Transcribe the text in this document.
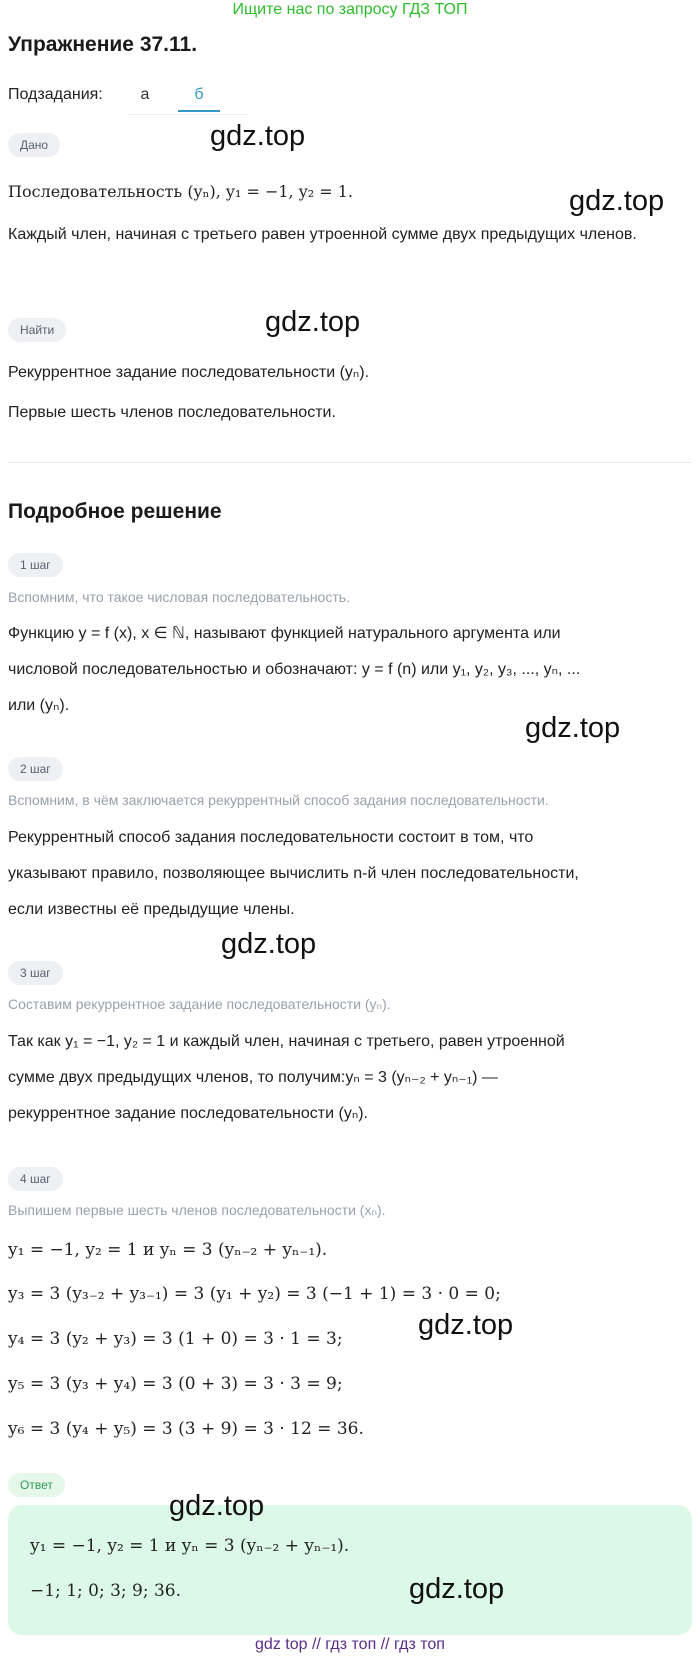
Ищите нас по запросу ГДЗ ТОП
Упражнение 37.11.
Подзадания: а	б
Дано
Последовательность (yₙ), y₁ = −1, y₂ = 1.
Каждый член, начиная с третьего равен утроенной сумме двух предыдущих членов.
Найти
Рекуррентное задание последовательности (yₙ).
Первые шесть членов последовательности.
Подробное решение
1 шаг
Вспомним, что такое числовая последовательность.
Функцию y = f (x), x ∈ ℕ, называют функцией натурального аргумента или
числовой последовательностью и обозначают: y = f (n) или y₁, y₂, y₃, ..., yₙ, ...
или (yₙ).
2 шаг
Вспомним, в чём заключается рекуррентный способ задания последовательности.
Рекуррентный способ задания последовательности состоит в том, что
указывают правило, позволяющее вычислить n-й член последовательности,
если известны её предыдущие члены.
3 шаг
Составим рекуррентное задание последовательности (yₙ).
Так как y₁ = −1, y₂ = 1 и каждый член, начиная с третьего, равен утроенной
сумме двух предыдущих членов, то получим:yₙ = 3 (yₙ₋₂ + yₙ₋₁) —
рекуррентное задание последовательности (yₙ).
4 шаг
Выпишем первые шесть членов последовательности (xₙ).
y₁ = −1, y₂ = 1 и yₙ = 3 (yₙ₋₂ + yₙ₋₁).
y₃ = 3 (y₃₋₂ + y₃₋₁) = 3 (y₁ + y₂) = 3 (−1 + 1) = 3 · 0 = 0;
y₄ = 3 (y₂ + y₃) = 3 (1 + 0) = 3 · 1 = 3;
y₅ = 3 (y₃ + y₄) = 3 (0 + 3) = 3 · 3 = 9;
y₆ = 3 (y₄ + y₅) = 3 (3 + 9) = 3 · 12 = 36.
Ответ
y₁ = −1, y₂ = 1 и yₙ = 3 (yₙ₋₂ + yₙ₋₁).
−1; 1; 0; 3; 9; 36.
gdz.top
gdz.top
gdz.top
gdz.top
gdz.top
gdz.top
gdz.top
gdz.top
gdz top // гдз топ // гдз топ
